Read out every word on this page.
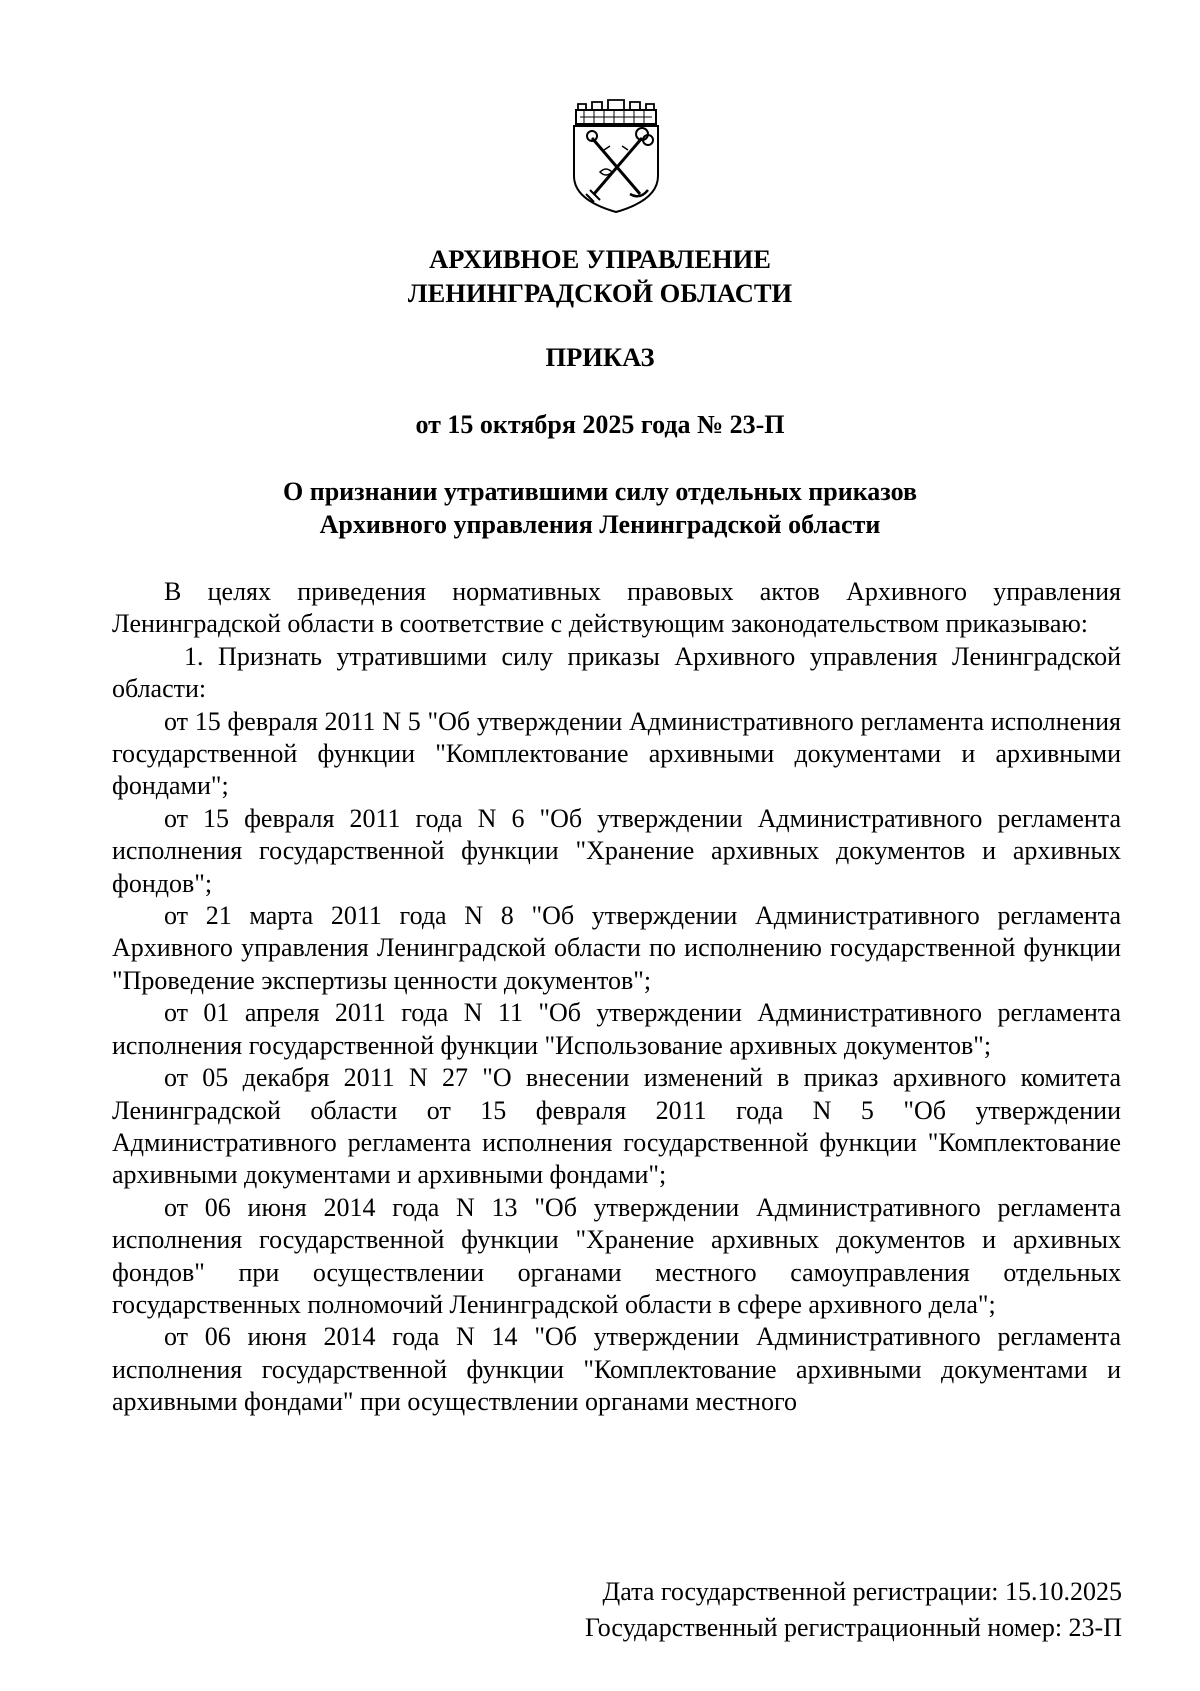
АРХИВНОЕ УПРАВЛЕНИЕ
ЛЕНИНГРАДСКОЙ ОБЛАСТИ
ПРИКАЗ
от 15 октября 2025 года № 23-П
О признании утратившими силу отдельных приказов
Архивного управления Ленинградской области

В целях приведения нормативных правовых актов Архивного управления Ленинградской области в соответствие с действующим законодательством приказываю:

1. Признать утратившими силу приказы Архивного управления Ленинградской области:

от 15 февраля 2011 N 5 "Об утверждении Административного регламента исполнения государственной функции "Комплектование архивными документами и архивными фондами";

от 15 февраля 2011 года N 6 "Об утверждении Административного регламента исполнения государственной функции "Хранение архивных документов и архивных фондов";

от 21 марта 2011 года N 8 "Об утверждении Административного регламента Архивного управления Ленинградской области по исполнению государственной функции "Проведение экспертизы ценности документов";

от 01 апреля 2011 года N 11 "Об утверждении Административного регламента исполнения государственной функции "Использование архивных документов";

от 05 декабря 2011 N 27 "О внесении изменений в приказ архивного комитета Ленинградской области от 15 февраля 2011 года N 5 "Об утверждении Административного регламента исполнения государственной функции "Комплектование архивными документами и архивными фондами";

от 06 июня 2014 года N 13 "Об утверждении Административного регламента исполнения государственной функции "Хранение архивных документов и архивных фондов" при осуществлении органами местного самоуправления отдельных государственных полномочий Ленинградской области в сфере архивного дела";

от 06 июня 2014 года N 14 "Об утверждении Административного регламента исполнения государственной функции "Комплектование архивными документами и архивными фондами" при осуществлении органами местного

Дата государственной регистрации: 15.10.2025
Государственный регистрационный номер: 23-П
